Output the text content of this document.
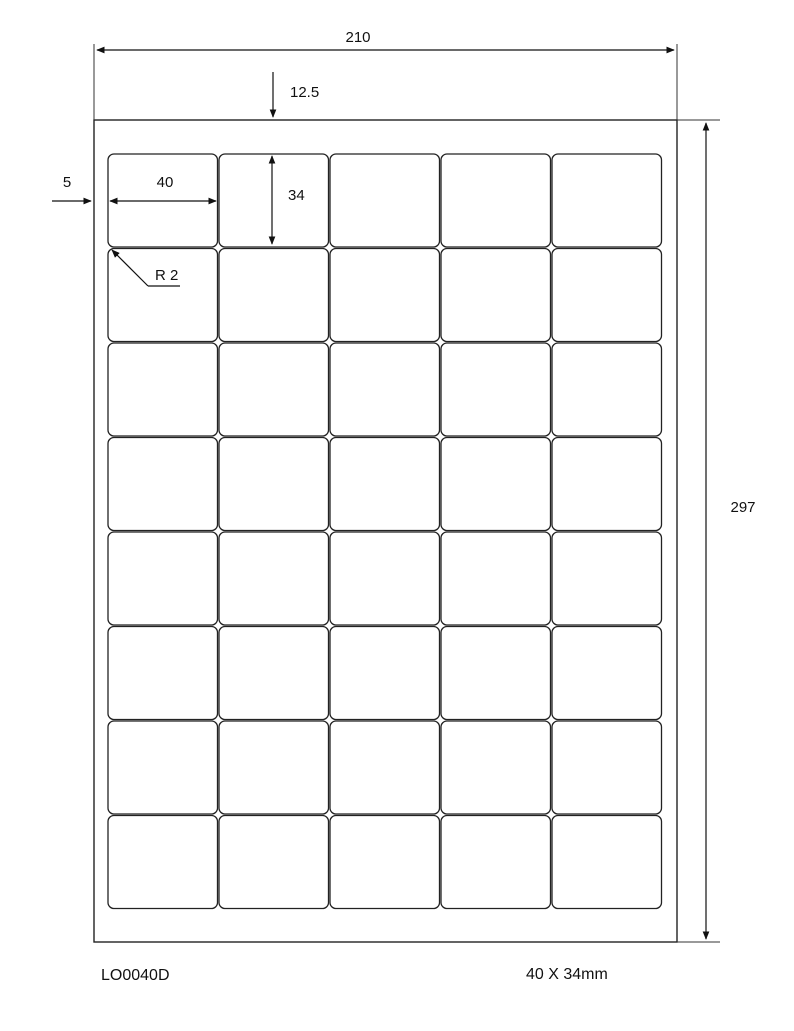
210
297
12.5
5	40
34
R 2
LO0040D	40 X 34mm
